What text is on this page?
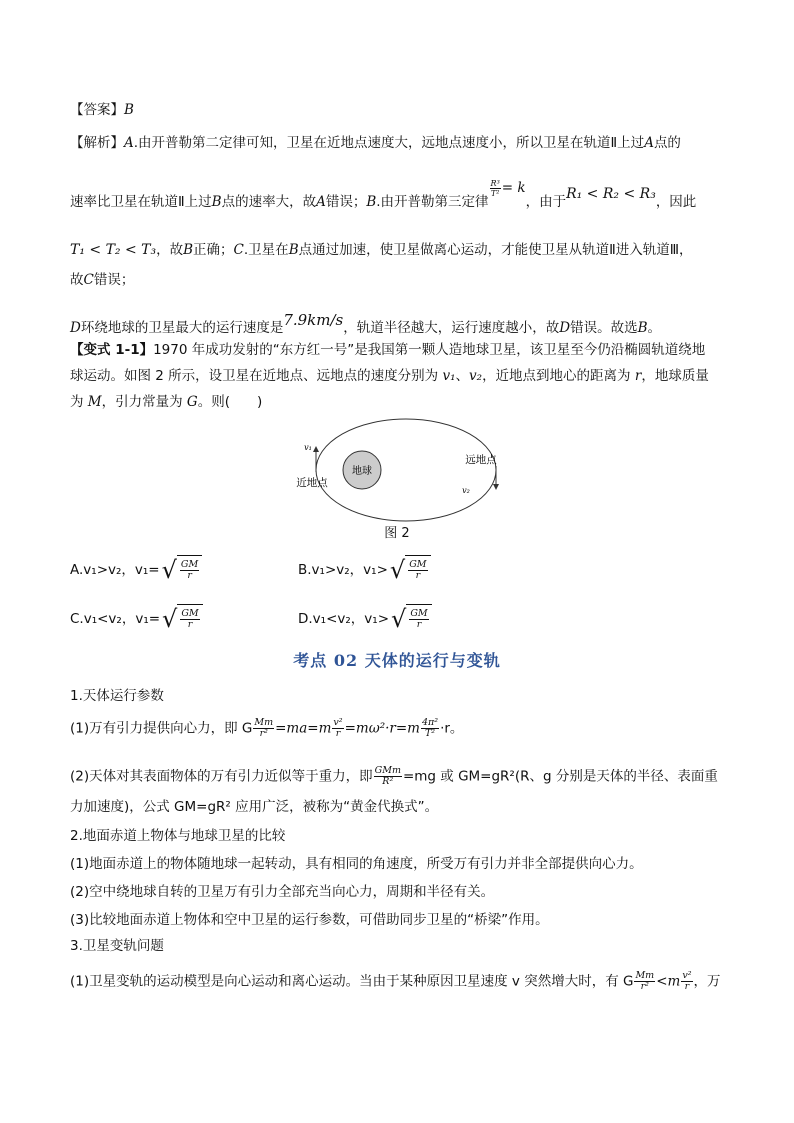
【答案】B
【解析】A.由开普勒第二定律可知，卫星在近地点速度大，远地点速度小，所以卫星在轨道Ⅱ上过A点的
速率比卫星在轨道Ⅱ上过B点的速率大，故A错误；B.由开普勒第三定律
$\frac{\text{R³}}{\text{T²}} = k$，由于R₁ < R₂ < R₃，因此
T₁ < T₂ < T₃，故B正确；C.卫星在B点通过加速，使卫星做离心运动，才能使卫星从轨道Ⅱ进入轨道Ⅲ，
故C错误；
D环绕地球的卫星最大的运行速度是7.9km/s，轨道半径越大，运行速度越小，故D错误。故选B。
【变式 1-1】1970 年成功发射的“东方红一号”是我国第一颗人造地球卫星，该卫星至今仍沿椭圆轨道绕地
球运动。如图 2 所示，设卫星在近地点、远地点的速度分别为 v₁、v₂，近地点到地心的距离为 r，地球质量
为 M，引力常量为 G。则(　　)
地球
v₁
近地点
v₂
远地点
图 2
A.v₁>v₂，v₁= √ $\frac{GM}{r}$	B.v₁>v₂，v₁> √ $\frac{GM}{r}$
C.v₁<v₂，v₁= √ $\frac{GM}{r}$	D.v₁<v₂，v₁> √ $\frac{GM}{r}$
考点 02 天体的运行与变轨
1.天体运行参数
(1)万有引力提供向心力，即 G $\frac{Mm}{\text{r²}} =ma=m \frac{\text{v²}}{r} =m\omega^2\cdot r=m \frac{\text{4π²}}{\text{T²}} \cdot r$。
(2)天体对其表面物体的万有引力近似等于重力，即 $\frac{\text{GMm}}{\text{R²}} =mg$ 或 GM=gR²(R、g 分别是天体的半径、表面重
力加速度)，公式 GM=gR² 应用广泛，被称为“黄金代换式”。
2.地面赤道上物体与地球卫星的比较
(1)地面赤道上的物体随地球一起转动，具有相同的角速度，所受万有引力并非全部提供向心力。
(2)空中绕地球自转的卫星万有引力全部充当向心力，周期和半径有关。
(3)比较地面赤道上物体和空中卫星的运行参数，可借助同步卫星的“桥梁”作用。
3.卫星变轨问题
(1)卫星变轨的运动模型是向心运动和离心运动。当由于某种原因卫星速度 v 突然增大时，有 G $\frac{Mm}{\text{r²}} <m \frac{\text{v²}}{r}$ ，万
